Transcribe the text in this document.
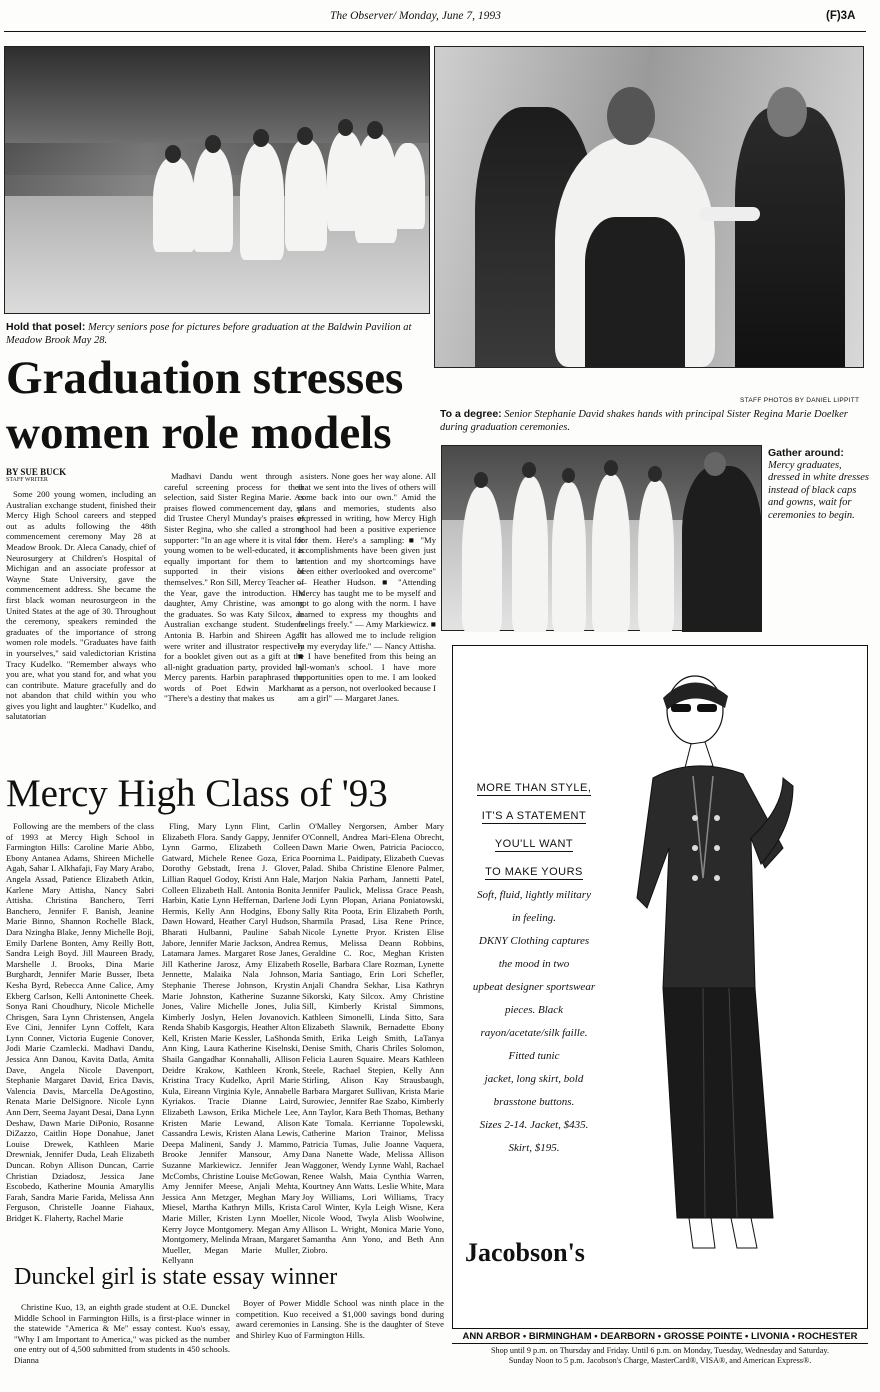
The Observer/ Monday, June 7, 1993	(F)3A
Hold that posel: Mercy seniors pose for pictures before graduation at the Baldwin Pavilion at Meadow Brook May 28.
STAFF PHOTOS BY DANIEL LIPPITT
Graduation stresses
women role models	To a degree: Senior Stephanie David shakes hands with principal Sister Regina Marie Doelker during graduation ceremonies.
Gather around:
Mercy graduates, dressed in white dresses instead of black caps and gowns, wait for ceremonies to begin.
BY SUE BUCK
STAFF WRITER

Some 200 young women, including an Australian exchange student, finished their Mercy High School careers and stepped out as adults following the 48th commencement ceremony May 28 at Meadow Brook. Dr. Aleca Canady, chief of Neurosurgery at Children's Hospital of Michigan and an associate professor at Wayne State University, gave the commencement address. She became the first black woman neurosurgeon in the United States at the age of 30. Throughout the ceremony, speakers reminded the graduates of the importance of strong women role models. "Graduates have faith in yourselves," said valedictorian Kristina Tracy Kudelko. "Remember always who you are, what you stand for, and what you can contribute. Mature gracefully and do not abandon that child within you who gives you light and laughter." Kudelko, and salutatorian

Madhavi Dandu went through a careful screening process for their selection, said Sister Regina Marie. As praises flowed commencement day, so did Trustee Cheryl Munday's praises of Sister Regina, who she called a strong supporter: "In an age where it is vital for young women to be well-educated, it is equally important for them to be supported in their visions of themselves." Ron Sill, Mercy Teacher of the Year, gave the introduction. His daughter, Amy Christine, was among the graduates. So was Katy Silcox, an Australian exchange student. Students Antonia B. Harbin and Shireen Agah were writer and illustrator respectively for a booklet given out as a gift at the all-night graduation party, provided by Mercy parents. Harbin paraphrased the words of Poet Edwin Markham: "There's a destiny that makes us

sisters. None goes her way alone. All that we sent into the lives of others will come back into our own." Amid the plans and memories, students also expressed in writing, how Mercy High school had been a positive experience for them. Here's a sampling: ■ "My accomplishments have been given just attention and my shortcomings have been either overlooked and overcome" — Heather Hudson. ■ "Attending Mercy has taught me to be myself and not to go along with the norm. I have learned to express my thoughts and feelings freely." — Amy Markiewicz. ■ "It has allowed me to include religion in my everyday life." — Nancy Attisha. ■ I have benefited from this being an all-woman's school. I have more opportunities open to me. I am looked at as a person, not overlooked because I am a girl" — Margaret Janes.

Mercy High Class of '93

Following are the members of the class of 1993 at Mercy High School in Farmington Hills: Caroline Marie Abbo, Ebony Antanea Adams, Shireen Michelle Agah, Sahar I. Alkhafaji, Fay Mary Arabo, Angela Assad, Patience Elizabeth Atkin, Karlene Mary Attisha, Nancy Sabri Attisha. Christina Banchero, Terri Banchero, Jennifer F. Banish, Jeanine Marie Binno, Shannon Rochelle Black, Dara Nzingha Blake, Jenny Michelle Boji, Emily Darlene Bonten, Amy Reilly Bott, Sandra Leigh Boyd. Jill Maureen Brady, Marshelle J. Brooks, Dina Marie Burghardt, Jennifer Marie Busser, Ibeta Kesha Byrd, Rebecca Anne Calice, Amy Ekberg Carlson, Kelli Antoninette Cheek. Sonya Rani Choudhury, Nicole Michelle Chrisgen, Sara Lynn Christensen, Angela Eve Cini, Jennifer Lynn Coffelt, Kara Lynn Conner, Victoria Eugenie Conover, Jodi Marie Czamlecki. Madhavi Dandu, Jessica Ann Danou, Kavita Datla, Amita Dave, Angela Nicole Davenport, Stephanie Margaret David, Erica Davis, Valencia Davis, Marcella DeAgostino, Renata Marie DelSignore. Nicole Lynn Ann Derr, Seema Jayant Desai, Dana Lynn Deshaw, Dawn Marie DiPonio, Rosanne DiZazzo, Caitlin Hope Donahue, Janet Louise Drewek, Kathleen Marie Drewniak, Jennifer Duda, Leah Elizabeth Duncan. Robyn Allison Duncan, Carrie Christian Dziadosz, Jessica Jane Escobedo, Katherine Mounia Amaryllis Farah, Sandra Marie Farida, Melissa Ann Ferguson, Christelle Joanne Fiahaux, Bridget K. Flaherty, Rachel Marie

Fling, Mary Lynn Flint, Carlin Elizabeth Flora. Sandy Gappy, Jennifer Lynn Garmo, Elizabeth Colleen Gatward, Michele Renee Goza, Erica Dorothy Gebstadt, Irena J. Glover, Lillian Raquel Godoy, Kristi Ann Hale, Colleen Elizabeth Hall. Antonia Bonita Harbin, Katie Lynn Heffernan, Darlene Hermis, Kelly Ann Hodgins, Ebony Dawn Howard, Heather Caryl Hudson, Bharati Hulbanni, Pauline Sabah Jabore, Jennifer Marie Jackson, Andrea Latamara James. Margaret Rose Janes, Jill Katherine Jarosz, Amy Elizabeth Jennette, Malaika Nala Johnson, Stephanie Therese Johnson, Krystin Marie Johnston, Katherine Suzanne Jones, Valire Michelle Jones, Julia Kimberly Joslyn, Helen Jovanovich. Renda Shabib Kasgorgis, Heather Alton Kell, Kristen Marie Kessler, LaShonda Ann King, Laura Katherine Kiselnski, Shaila Gangadhar Konnahalli, Allison Deidre Krakow, Kathleen Kronk, Kristina Tracy Kudelko, April Marie Kula, Eireann Virginia Kyle, Annabelle Kyriakos. Tracie Dianne Laird, Elizabeth Lawson, Erika Michele Lee, Kristen Marie Lewand, Alison Cassandra Lewis, Kristen Alana Lewis, Deepa Malineni, Sandy J. Mammo, Brooke Jennifer Mansour, Amy Suzanne Markiewicz. Jennifer Jean McCombs, Christine Louise McGowan, Amy Jennifer Meese, Anjali Mehta, Jessica Ann Metzger, Meghan Mary Miesel, Martha Kathryn Mills, Krista Marie Miller, Kristen Lynn Moeller, Kerry Joyce Montgomery. Megan Amy Montgomery, Melinda Mraan, Margaret Mueller, Megan Marie Muller, Kellyann

O'Malley Nergorsen, Amber Mary O'Connell, Andrea Mari-Elena Obrecht, Dawn Marie Owen, Patricia Paciocco, Poornima L. Paidipaty, Elizabeth Cuevas Palad. Shiba Christine Elenore Palmer, Marjon Nakia Parham, Jannetti Patel, Jennifer Paulick, Melissa Grace Peash, Jodi Lynn Plopan, Ariana Poniatowski, Sally Rita Poota, Erin Elizabeth Porth, Sharmila Prasad, Lisa Rene Prince, Nicole Lynette Pryor. Kristen Elise Remus, Melissa Deann Robbins, Geraldine C. Roc, Meghan Kristen Roselle, Barbara Clare Rozman, Lynette Maria Santiago, Erin Lori Schefler, Anjali Chandra Sekhar, Lisa Kathryn Sikorski, Katy Silcox. Amy Christine Sill, Kimberly Kristal Simmons, Kathleen Simonelli, Linda Sitto, Sara Elizabeth Slawnik, Bernadette Ebony Smith, Erika Leigh Smith, LaTanya Denise Smith, Charis Chriles Solomon, Felicia Lauren Squaire. Mears Kathleen Steele, Rachael Stepien, Kelly Ann Stirling, Alison Kay Strausbaugh, Barbara Margaret Sullivan, Krista Marie Surowiec, Jennifer Rae Szabo, Kimberly Ann Taylor, Kara Beth Thomas, Bethany Kate Tomala. Kerrianne Topolewski, Catherine Marion Trainor, Melissa Patricia Tumas, Julie Joanne Vaquera, Dana Nanette Wade, Melissa Allison Waggoner, Wendy Lynne Wahl, Rachael Renee Walsh, Maia Cynthia Warren, Kourtney Ann Watts. Leslie White, Mara Joy Williams, Lori Williams, Tracy Carol Winter, Kyla Leigh Wisne, Kera Nicole Wood, Twyla Alisb Woolwine, Allison L. Wright, Monica Marie Yono, Samantha Ann Yono, and Beth Ann Ziobro.

Dunckel girl is state essay winner

Christine Kuo, 13, an eighth grade student at O.E. Dunckel Middle School in Farmington Hills, is a first-place winner in the statewide "America & Me" essay contest. Kuo's essay, "Why I am Important to America," was picked as the number one entry out of 4,500 submitted from students in 450 schools. Dianna

Boyer of Power Middle School was ninth place in the competition. Kuo received a $1,000 savings bond during award ceremonies in Lansing. She is the daughter of Steve and Shirley Kuo of Farmington Hills.

MORE THAN STYLE,
IT'S A STATEMENT
YOU'LL WANT
TO MAKE YOURS
Soft, fluid, lightly military
in feeling.
DKNY Clothing captures
the mood in two
upbeat designer sportswear
pieces. Black
rayon/acetate/silk faille.
Fitted tunic
jacket, long skirt, bold
brasstone buttons.
Sizes 2-14. Jacket, $435.
Skirt, $195.
Jacobson's
ANN ARBOR • BIRMINGHAM • DEARBORN • GROSSE POINTE • LIVONIA • ROCHESTER
Shop until 9 p.m. on Thursday and Friday. Until 6 p.m. on Monday, Tuesday, Wednesday and Saturday.
Sunday Noon to 5 p.m. Jacobson's Charge, MasterCard®, VISA®, and American Express®.
